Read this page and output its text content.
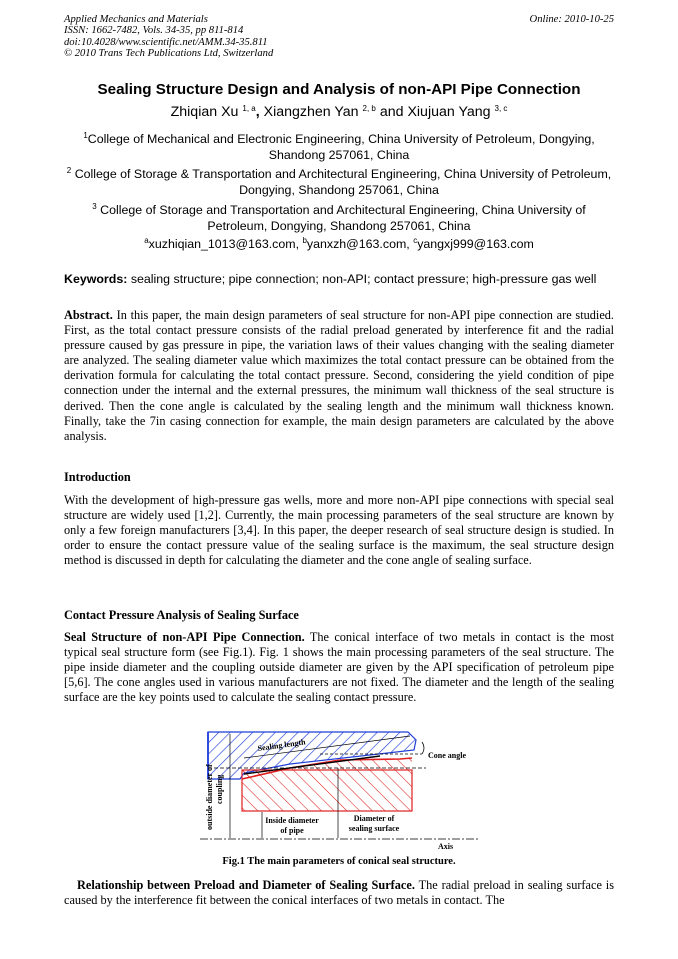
Applied Mechanics and Materials
ISSN: 1662-7482, Vols. 34-35, pp 811-814
doi:10.4028/www.scientific.net/AMM.34-35.811
© 2010 Trans Tech Publications Ltd, Switzerland
Online: 2010-10-25
Sealing Structure Design and Analysis of non-API Pipe Connection
Zhiqian Xu $^{1, a}$, Xiangzhen Yan $^{2, b}$ and Xiujuan Yang $^{3, c}$
$^1$College of Mechanical and Electronic Engineering, China University of Petroleum, Dongying, Shandong 257061, China
$^2$ College of Storage & Transportation and Architectural Engineering, China University of Petroleum, Dongying, Shandong 257061, China
$^3$ College of Storage and Transportation and Architectural Engineering, China University of Petroleum, Dongying, Shandong 257061, China
$^a$xuzhiqian_1013@163.com, $^b$yanxzh@163.com, $^c$yangxj999@163.com
Keywords: sealing structure; pipe connection; non-API; contact pressure; high-pressure gas well

Abstract. In this paper, the main design parameters of seal structure for non-API pipe connection are studied. First, as the total contact pressure consists of the radial preload generated by interference fit and the radial pressure caused by gas pressure in pipe, the variation laws of their values changing with the sealing diameter are analyzed. The sealing diameter value which maximizes the total contact pressure can be obtained from the derivation formula for calculating the total contact pressure. Second, considering the yield condition of pipe connection under the internal and the external pressures, the minimum wall thickness of the seal structure is derived. Then the cone angle is calculated by the sealing length and the minimum wall thickness known. Finally, take the 7in casing connection for example, the main design parameters are calculated by the above analysis.

Introduction

With the development of high-pressure gas wells, more and more non-API pipe connections with special seal structure are widely used [1,2]. Currently, the main processing parameters of the seal structure are known by only a few foreign manufacturers [3,4]. In this paper, the deeper research of seal structure design is studied. In order to ensure the contact pressure value of the sealing surface is the maximum, the seal structure design method is discussed in depth for calculating the diameter and the cone angle of sealing surface.

Contact Pressure Analysis of Sealing Surface

Seal Structure of non-API Pipe Connection. The conical interface of two metals in contact is the most typical seal structure form (see Fig.1). Fig. 1 shows the main processing parameters of the seal structure. The pipe inside diameter and the coupling outside diameter are given by the API specification of petroleum pipe [5,6]. The cone angles used in various manufacturers are not fixed. The diameter and the length of the sealing surface are the key points used to calculate the sealing contact pressure.

Sealing length
Cone angle
Axis
outside diameter ofcoupling
Inside diameter of pipe
Diameter of sealing surface
Fig.1 The main parameters of conical seal structure.

Relationship between Preload and Diameter of Sealing Surface. The radial preload in sealing surface is caused by the interference fit between the conical interfaces of two metals in contact. The
